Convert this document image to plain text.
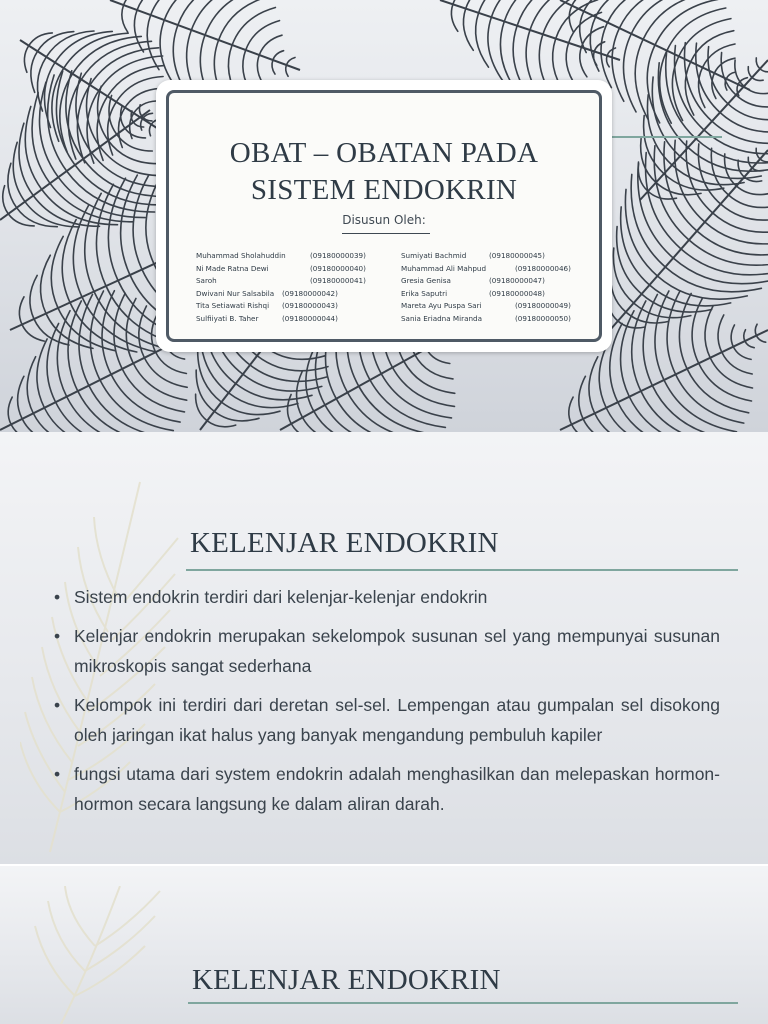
OBAT – OBATAN PADA
SISTEM ENDOKRIN
Disusun Oleh:
Muhammad Sholahuddin	(09180000039)
Ni Made Ratna Dewi	(09180000040)
Saroh	(09180000041)
Dwivani Nur Salsabila	(09180000042)
Tita Setiawati Rishqi	(09180000043)
Sulfiiyati B. Taher	(09180000044)
Sumiyati Bachmid	(09180000045)
Muhammad Ali Mahpud	(09180000046)
Gresia Genisa	(09180000047)
Erika Saputri	(09180000048)
Mareta Ayu Puspa Sari	(09180000049)
Sania Eriadna Miranda	(09180000050)
KELENJAR ENDOKRIN
• Sistem endokrin terdiri dari kelenjar-kelenjar endokrin
• Kelenjar endokrin merupakan sekelompok susunan sel yang mempunyai susunan mikroskopis sangat sederhana
• Kelompok ini terdiri dari deretan sel-sel. Lempengan atau gumpalan sel disokong oleh jaringan ikat halus yang banyak mengandung pembuluh kapiler
• fungsi utama dari system endokrin adalah menghasilkan dan melepaskan hormon-hormon secara langsung ke dalam aliran darah.
KELENJAR ENDOKRIN
